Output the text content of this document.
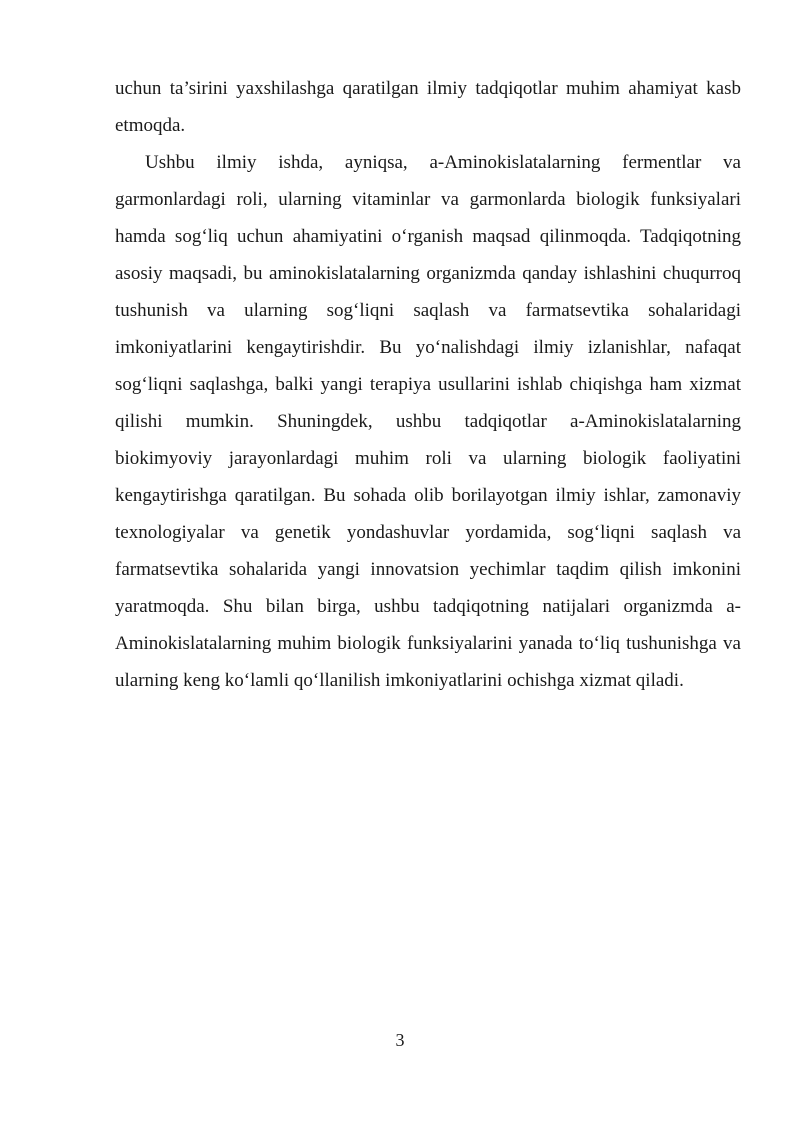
uchun ta’sirini yaxshilashga qaratilgan ilmiy tadqiqotlar muhim ahamiyat kasb etmoqda.

Ushbu ilmiy ishda, ayniqsa, a-Aminokislatalarning fermentlar va garmonlardagi roli, ularning vitaminlar va garmonlarda biologik funksiyalari hamda sog‘liq uchun ahamiyatini o‘rganish maqsad qilinmoqda. Tadqiqotning asosiy maqsadi, bu aminokislatalarning organizmda qanday ishlashini chuqurroq tushunish va ularning sog‘liqni saqlash va farmatsevtika sohalaridagi imkoniyatlarini kengaytirishdir. Bu yo‘nalishdagi ilmiy izlanishlar, nafaqat sog‘liqni saqlashga, balki yangi terapiya usullarini ishlab chiqishga ham xizmat qilishi mumkin. Shuningdek, ushbu tadqiqotlar a-Aminokislatalarning biokimyoviy jarayonlardagi muhim roli va ularning biologik faoliyatini kengaytirishga qaratilgan. Bu sohada olib borilayotgan ilmiy ishlar, zamonaviy texnologiyalar va genetik yondashuvlar yordamida, sog‘liqni saqlash va farmatsevtika sohalarida yangi innovatsion yechimlar taqdim qilish imkonini yaratmoqda. Shu bilan birga, ushbu tadqiqotning natijalari organizmda a-Aminokislatalarning muhim biologik funksiyalarini yanada to‘liq tushunishga va ularning keng ko‘lamli qo‘llanilish imkoniyatlarini ochishga xizmat qiladi.

3
